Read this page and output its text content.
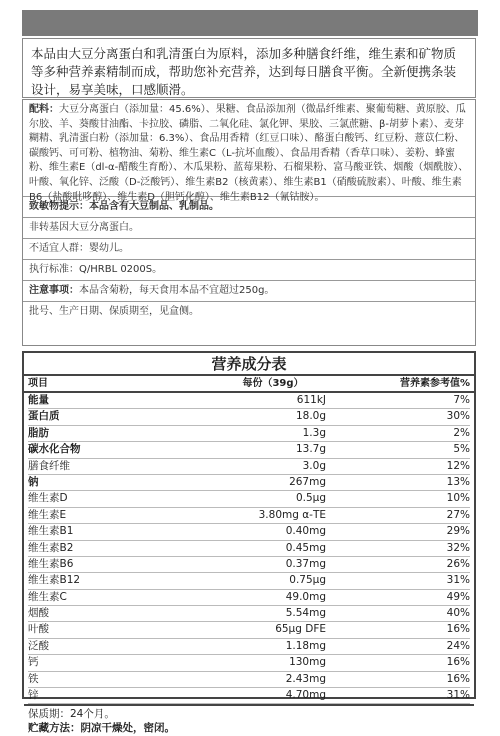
本品由大豆分离蛋白和乳清蛋白为原料，添加多种膳食纤维，维生素和矿物质等多种营养素精制而成，帮助您补充营养，达到每日膳食平衡。全新便携条装设计，易享美味，口感顺滑。
配料：大豆分离蛋白（添加量：45.6%）、果糖、食品添加剂（微晶纤维素、聚葡萄糖、黄原胶、瓜尔胶、羊、葵酸甘油酯、卡拉胶、磷脂、二氧化硅、氯化钾、果胶、三氯蔗糖、β-胡萝卜素）、麦芽糊精、乳清蛋白粉（添加量：6.3%）、食品用香精（红豆口味）、酪蛋白酸钙、红豆粉、薏苡仁粉、碳酸钙、可可粉、植物油、菊粉、维生素C（L-抗坏血酸）、食品用香精（香草口味）、姜粉、蜂蜜粉、维生素E（dl-α-醋酸生育酚）、木瓜果粉、蓝莓果粉、石榴果粉、富马酸亚铁、烟酸（烟酰胺）、叶酸、氧化锌、泛酸（D-泛酸钙）、维生素B2（核黄素）、维生素B1（硝酸硫胺素）、叶酸、维生素B6（盐酸吡哆醇）、维生素D（胆钙化醇）、维生素B12（氰钴胺）。
致敏物提示：本品含有大豆制品、乳制品。
非转基因大豆分离蛋白。
不适宜人群：婴幼儿。
执行标准：Q/HRBL 0200S。
注意事项：本品含菊粉，每天食用本品不宜超过250g。
批号、生产日期、保质期至，见盒侧。
营养成分表
项目	每份（39g）	营养素参考值%
能量	611kJ	7%
蛋白质	18.0g	30%
脂肪	1.3g	2%
碳水化合物	13.7g	5%
膳食纤维	3.0g	12%
钠	267mg	13%
维生素D	0.5μg	10%
维生素E	3.80mg α-TE	27%
维生素B1	0.40mg	29%
维生素B2	0.45mg	32%
维生素B6	0.37mg	26%
维生素B12	0.75μg	31%
维生素C	49.0mg	49%
烟酸	5.54mg	40%
叶酸	65μg DFE	16%
泛酸	1.18mg	24%
钙	130mg	16%
铁	2.43mg	16%
锌	4.70mg	31%
保质期：24个月。
贮藏方法：阴凉干燥处，密闭。
